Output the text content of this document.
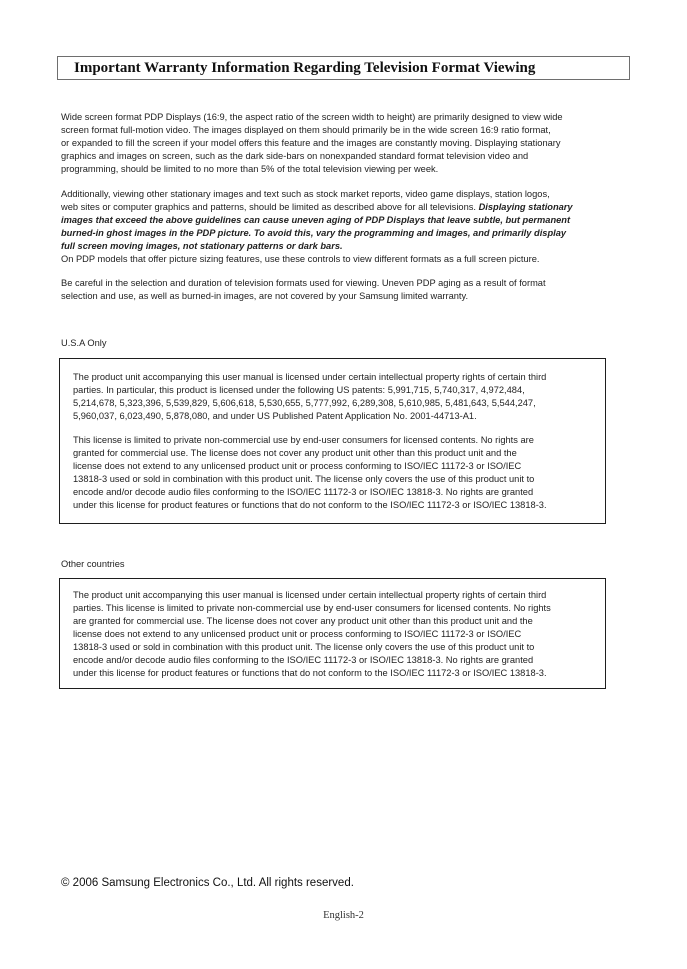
Important Warranty Information Regarding Television Format Viewing
Wide screen format PDP Displays (16:9, the aspect ratio of the screen width to height) are primarily designed to view wide
screen format full-motion video. The images displayed on them should primarily be in the wide screen 16:9 ratio format,
or expanded to fill the screen if your model offers this feature and the images are constantly moving. Displaying stationary
graphics and images on screen, such as the dark side-bars on nonexpanded standard format television video and
programming, should be limited to no more than 5% of the total television viewing per week.
Additionally, viewing other stationary images and text such as stock market reports, video game displays, station logos,
web sites or computer graphics and patterns, should be limited as described above for all televisions. Displaying stationary
images that exceed the above guidelines can cause uneven aging of PDP Displays that leave subtle, but permanent
burned-in ghost images in the PDP picture. To avoid this, vary the programming and images, and primarily display
full screen moving images, not stationary patterns or dark bars.
On PDP models that offer picture sizing features, use these controls to view different formats as a full screen picture.
Be careful in the selection and duration of television formats used for viewing. Uneven PDP aging as a result of format
selection and use, as well as burned-in images, are not covered by your Samsung limited warranty.
U.S.A Only
The product unit accompanying this user manual is licensed under certain intellectual property rights of certain third
parties. In particular, this product is licensed under the following US patents: 5,991,715, 5,740,317, 4,972,484,
5,214,678, 5,323,396, 5,539,829, 5,606,618, 5,530,655, 5,777,992, 6,289,308, 5,610,985, 5,481,643, 5,544,247,
5,960,037, 6,023,490, 5,878,080, and under US Published Patent Application No. 2001-44713-A1.
This license is limited to private non-commercial use by end-user consumers for licensed contents. No rights are
granted for commercial use. The license does not cover any product unit other than this product unit and the
license does not extend to any unlicensed product unit or process conforming to ISO/IEC 11172-3 or ISO/IEC
13818-3 used or sold in combination with this product unit. The license only covers the use of this product unit to
encode and/or decode audio files conforming to the ISO/IEC 11172-3 or ISO/IEC 13818-3. No rights are granted
under this license for product features or functions that do not conform to the ISO/IEC 11172-3 or ISO/IEC 13818-3.
Other countries
The product unit accompanying this user manual is licensed under certain intellectual property rights of certain third
parties. This license is limited to private non-commercial use by end-user consumers for licensed contents. No rights
are granted for commercial use. The license does not cover any product unit other than this product unit and the
license does not extend to any unlicensed product unit or process conforming to ISO/IEC 11172-3 or ISO/IEC
13818-3 used or sold in combination with this product unit. The license only covers the use of this product unit to
encode and/or decode audio files conforming to the ISO/IEC 11172-3 or ISO/IEC 13818-3. No rights are granted
under this license for product features or functions that do not conform to the ISO/IEC 11172-3 or ISO/IEC 13818-3.
© 2006 Samsung Electronics Co., Ltd. All rights reserved.
English-2
